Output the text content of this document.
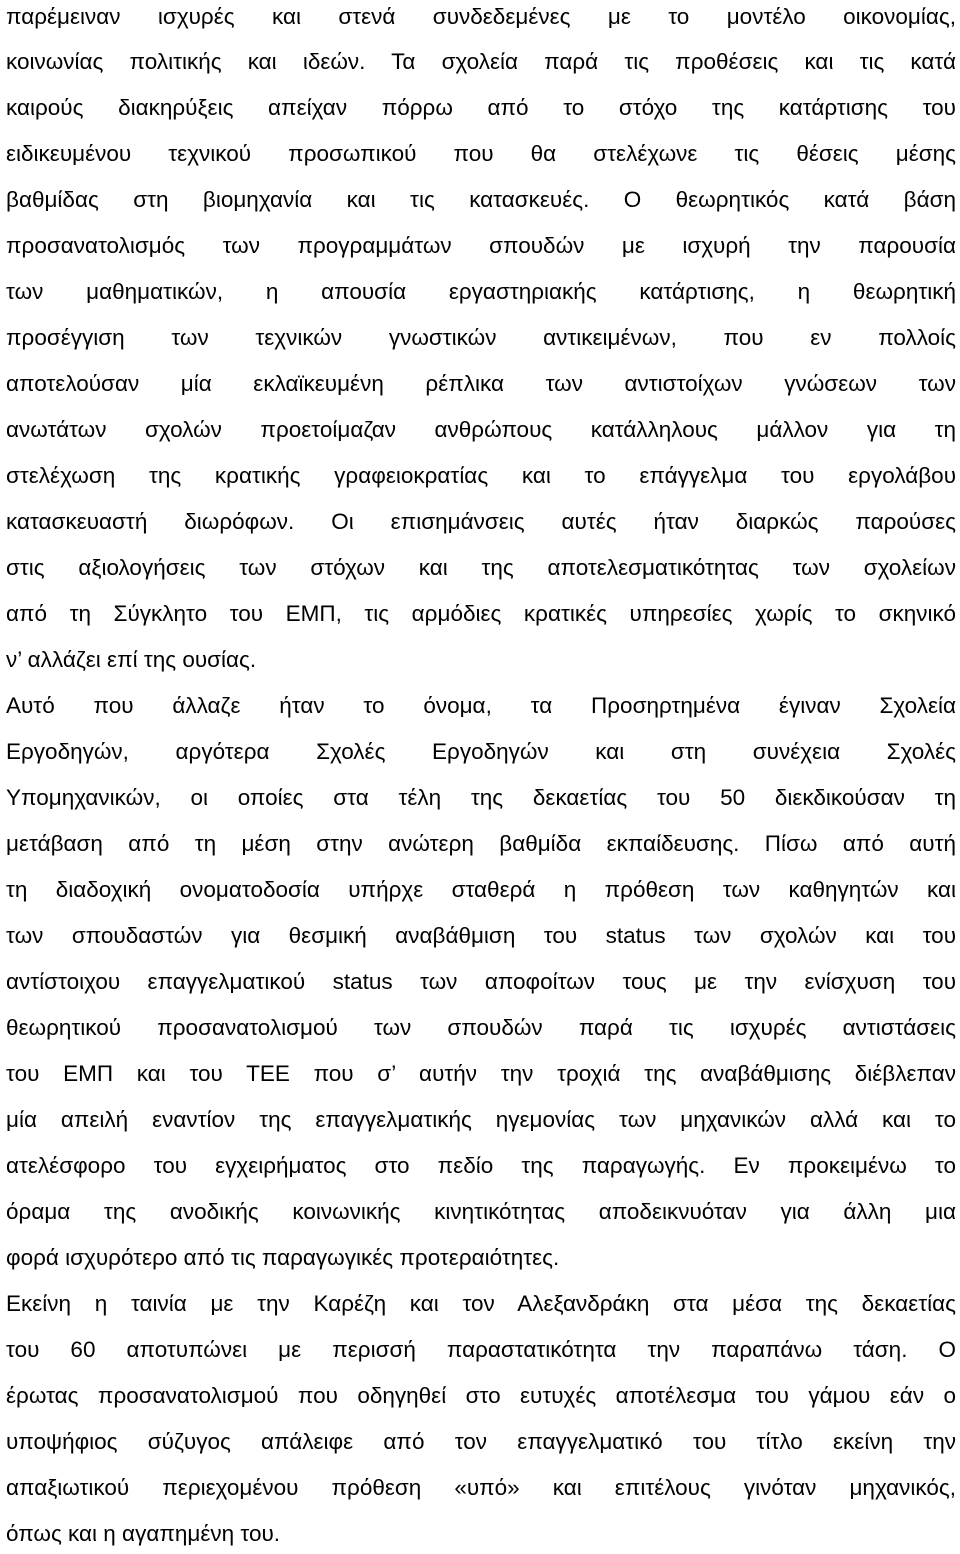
παρέμειναν ισχυρές και στενά συνδεδεμένες με το μοντέλο οικονομίας,
κοινωνίας πολιτικής και ιδεών. Τα σχολεία παρά τις προθέσεις και τις κατά
καιρούς διακηρύξεις απείχαν πόρρω από το στόχο της κατάρτισης του
ειδικευμένου τεχνικού προσωπικού που θα στελέχωνε τις θέσεις μέσης
βαθμίδας στη βιομηχανία και τις κατασκευές. Ο θεωρητικός κατά βάση
προσανατολισμός των προγραμμάτων σπουδών με ισχυρή την παρουσία
των μαθηματικών, η απουσία εργαστηριακής κατάρτισης, η θεωρητική
προσέγγιση των τεχνικών γνωστικών αντικειμένων, που εν πολλοίς
αποτελούσαν μία εκλαϊκευμένη ρέπλικα των αντιστοίχων γνώσεων των
ανωτάτων σχολών προετοίμαζαν ανθρώπους κατάλληλους μάλλον για τη
στελέχωση της κρατικής γραφειοκρατίας και το επάγγελμα του εργολάβου
κατασκευαστή διωρόφων. Οι επισημάνσεις αυτές ήταν διαρκώς παρούσες
στις αξιολογήσεις των στόχων και της αποτελεσματικότητας των σχολείων
από τη Σύγκλητο του ΕΜΠ, τις αρμόδιες κρατικές υπηρεσίες χωρίς το σκηνικό
ν’ αλλάζει επί της ουσίας.
Αυτό που άλλαζε ήταν το όνομα, τα Προσηρτημένα έγιναν Σχολεία
Εργοδηγών, αργότερα Σχολές Εργοδηγών και στη συνέχεια Σχολές
Υπομηχανικών, οι οποίες στα τέλη της δεκαετίας του 50 διεκδικούσαν τη
μετάβαση από τη μέση στην ανώτερη βαθμίδα εκπαίδευσης. Πίσω από αυτή
τη διαδοχική ονοματοδοσία υπήρχε σταθερά η πρόθεση των καθηγητών και
των σπουδαστών για θεσμική αναβάθμιση του status των σχολών και του
αντίστοιχου επαγγελματικού status των αποφοίτων τους με την ενίσχυση του
θεωρητικού προσανατολισμού των σπουδών παρά τις ισχυρές αντιστάσεις
του ΕΜΠ και του ΤΕΕ που σ’ αυτήν την τροχιά της αναβάθμισης διέβλεπαν
μία απειλή εναντίον της επαγγελματικής ηγεμονίας των μηχανικών αλλά και το
ατελέσφορο του εγχειρήματος στο πεδίο της παραγωγής. Εν προκειμένω το
όραμα της ανοδικής κοινωνικής κινητικότητας αποδεικνυόταν για άλλη μια
φορά ισχυρότερο από τις παραγωγικές προτεραιότητες.
Εκείνη η ταινία με την Καρέζη και τον Αλεξανδράκη στα μέσα της δεκαετίας
του 60 αποτυπώνει με περισσή παραστατικότητα την παραπάνω τάση. Ο
έρωτας προσανατολισμού που οδηγηθεί στο ευτυχές αποτέλεσμα του γάμου εάν ο
υποψήφιος σύζυγος απάλειφε από τον επαγγελματικό του τίτλο εκείνη την
απαξιωτικού περιεχομένου πρόθεση «υπό» και επιτέλους γινόταν μηχανικός,
όπως και η αγαπημένη του.
